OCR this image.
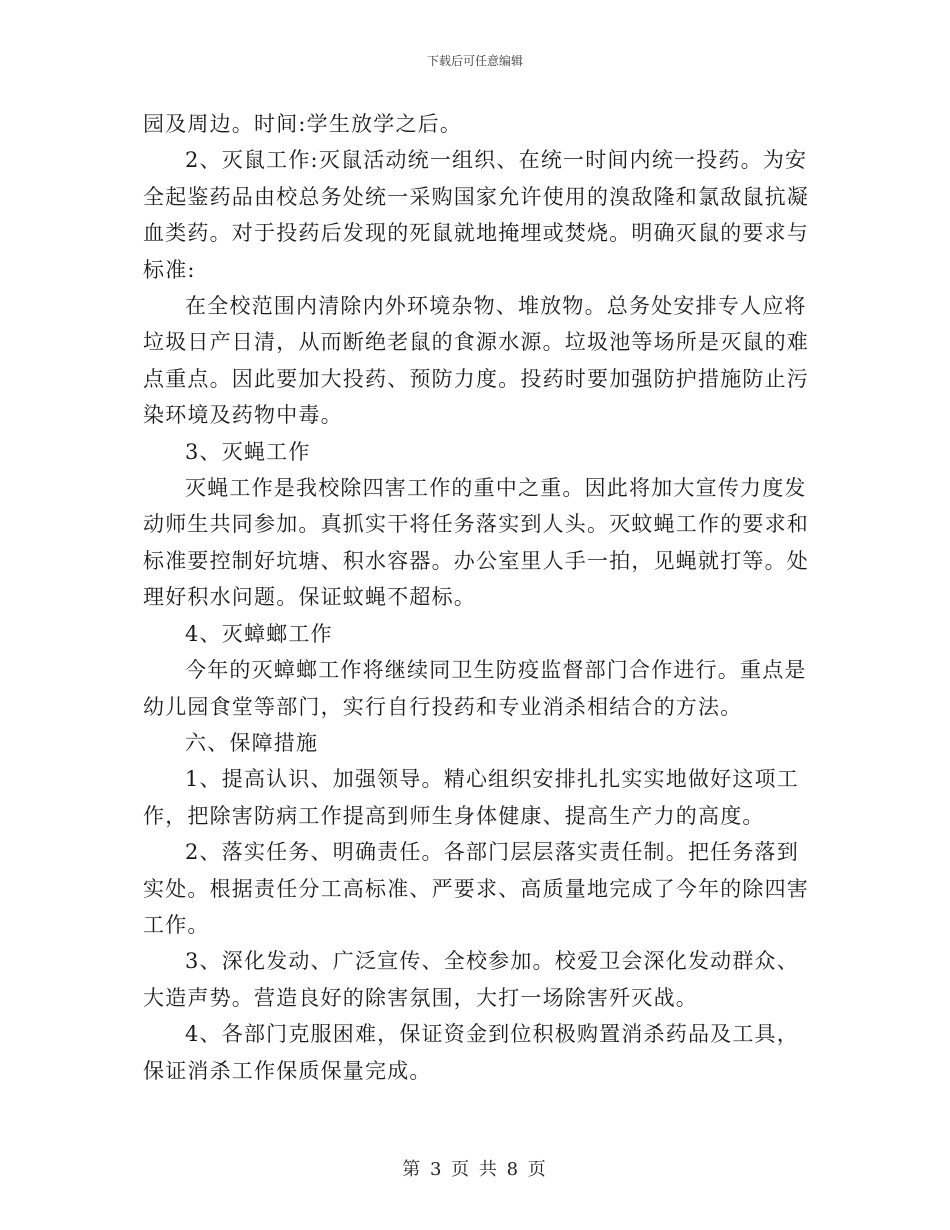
下载后可任意编辑

园及周边。时间:学生放学之后。

2、灭鼠工作:灭鼠活动统一组织、在统一时间内统一投药。为安全起鉴药品由校总务处统一采购国家允许使用的溴敌隆和氯敌鼠抗凝血类药。对于投药后发现的死鼠就地掩埋或焚烧。明确灭鼠的要求与标准:

在全校范围内清除内外环境杂物、堆放物。总务处安排专人应将垃圾日产日清，从而断绝老鼠的食源水源。垃圾池等场所是灭鼠的难点重点。因此要加大投药、预防力度。投药时要加强防护措施防止污染环境及药物中毒。

3、灭蝇工作

灭蝇工作是我校除四害工作的重中之重。因此将加大宣传力度发动师生共同参加。真抓实干将任务落实到人头。灭蚊蝇工作的要求和标准要控制好坑塘、积水容器。办公室里人手一拍，见蝇就打等。处理好积水问题。保证蚊蝇不超标。

4、灭蟑螂工作

今年的灭蟑螂工作将继续同卫生防疫监督部门合作进行。重点是幼儿园食堂等部门，实行自行投药和专业消杀相结合的方法。

六、保障措施

1、提高认识、加强领导。精心组织安排扎扎实实地做好这项工作，把除害防病工作提高到师生身体健康、提高生产力的高度。

2、落实任务、明确责任。各部门层层落实责任制。把任务落到实处。根据责任分工高标准、严要求、高质量地完成了今年的除四害工作。

3、深化发动、广泛宣传、全校参加。校爱卫会深化发动群众、大造声势。营造良好的除害氛围，大打一场除害歼灭战。

4、各部门克服困难，保证资金到位积极购置消杀药品及工具，保证消杀工作保质保量完成。

第 3 页 共 8 页
